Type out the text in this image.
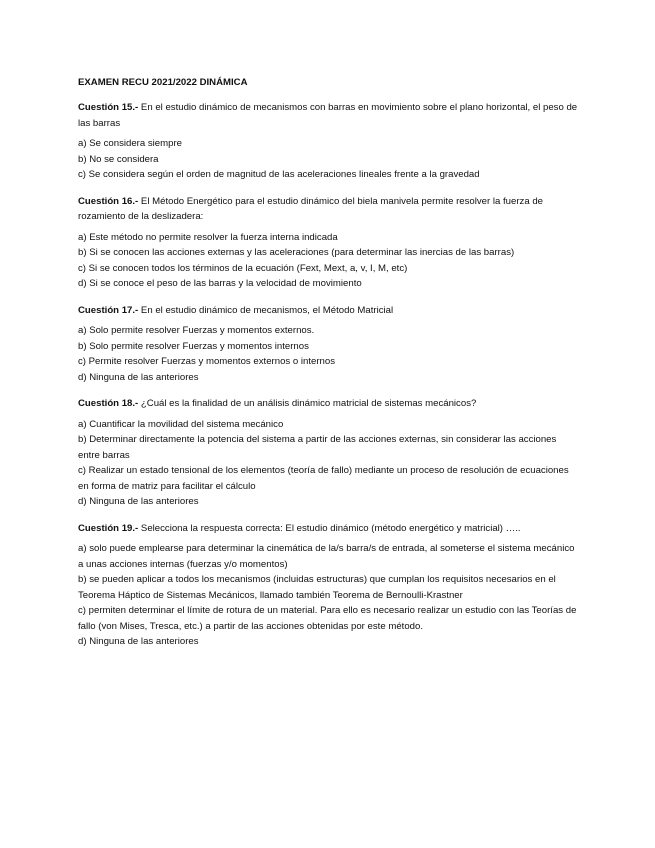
EXAMEN RECU 2021/2022 DINÁMICA

Cuestión 15.- En el estudio dinámico de mecanismos con barras en movimiento sobre el plano horizontal, el peso de las barras

a) Se considera siempre

b) No se considera

c) Se considera según el orden de magnitud de las aceleraciones lineales frente a la gravedad

Cuestión 16.- El Método Energético para el estudio dinámico del biela manivela permite resolver la fuerza de rozamiento de la deslizadera:

a) Este método no permite resolver la fuerza interna indicada

b) Si se conocen las acciones externas y las aceleraciones (para determinar las inercias de las barras)

c) Si se conocen todos los términos de la ecuación (Fext, Mext, a, v, I, M, etc)

d) Si se conoce el peso de las barras y la velocidad de movimiento

Cuestión 17.- En el estudio dinámico de mecanismos, el Método Matricial

a) Solo permite resolver Fuerzas y momentos externos.

b) Solo permite resolver Fuerzas y momentos internos

c) Permite resolver Fuerzas y momentos externos o internos

d) Ninguna de las anteriores

Cuestión 18.- ¿Cuál es la finalidad de un análisis dinámico matricial de sistemas mecánicos?

a) Cuantificar la movilidad del sistema mecánico

b) Determinar directamente la potencia del sistema a partir de las acciones externas, sin considerar las acciones entre barras

c) Realizar un estado tensional de los elementos (teoría de fallo) mediante un proceso de resolución de ecuaciones en forma de matriz para facilitar el cálculo

d) Ninguna de las anteriores

Cuestión 19.- Selecciona la respuesta correcta: El estudio dinámico (método energético y matricial) …..

a) solo puede emplearse para determinar la cinemática de la/s barra/s de entrada, al someterse el sistema mecánico a unas acciones internas (fuerzas y/o momentos)

b) se pueden aplicar a todos los mecanismos (incluidas estructuras) que cumplan los requisitos necesarios en el Teorema Háptico de Sistemas Mecánicos, llamado también Teorema de Bernoulli-Krastner

c) permiten determinar el límite de rotura de un material. Para ello es necesario realizar un estudio con las Teorías de fallo (von Mises, Tresca, etc.) a partir de las acciones obtenidas por este método.

d) Ninguna de las anteriores
